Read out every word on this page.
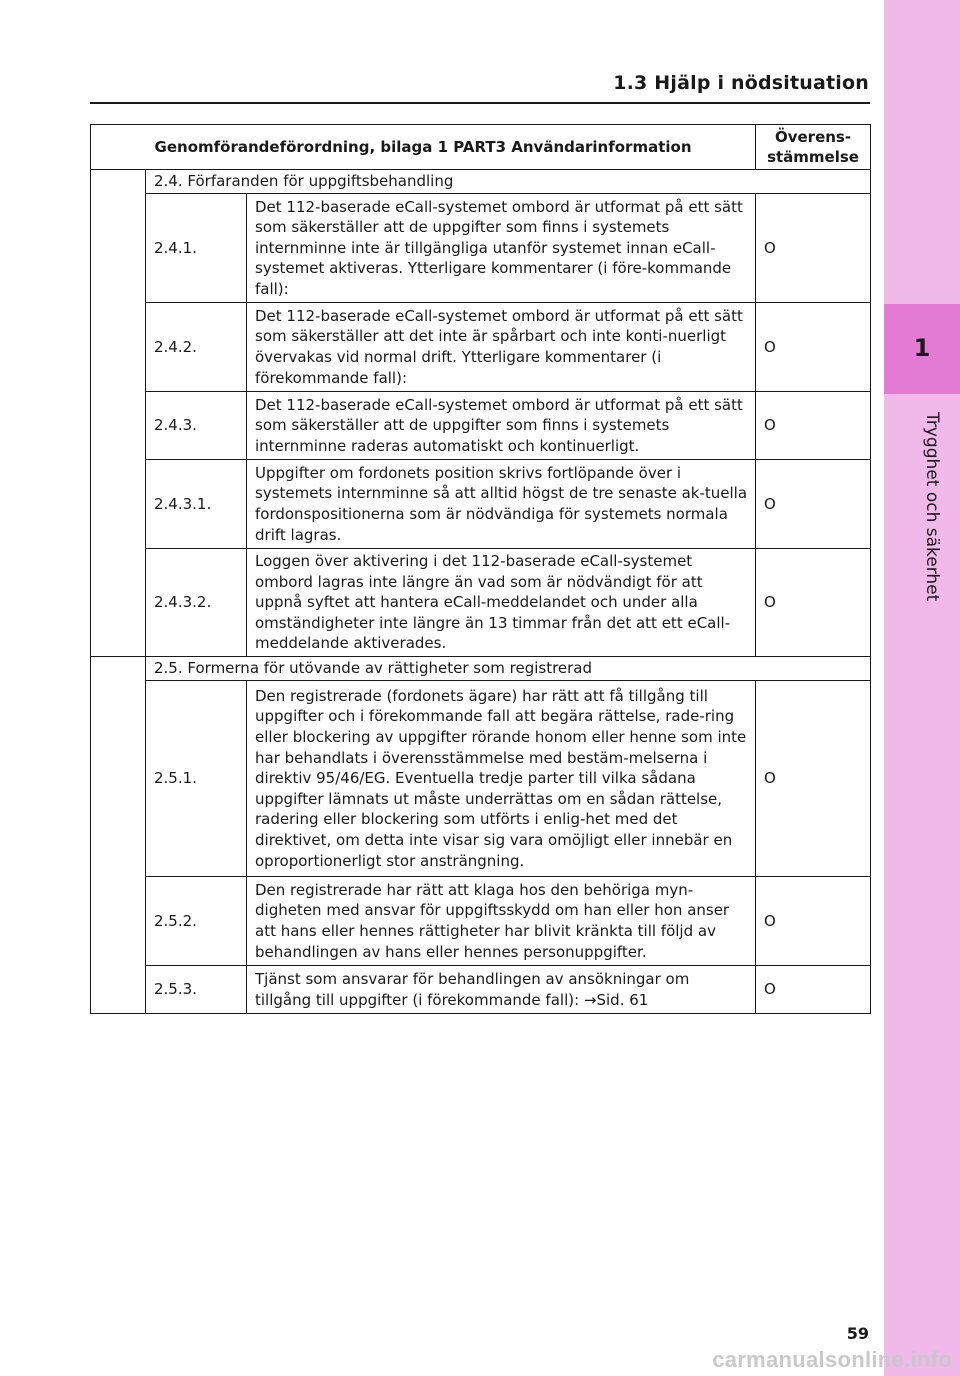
1
Trygghet och säkerhet
1.3 Hjälp i nödsituation
Genomförandeförordning, bilaga 1 PART3 Användarinformation			Överens-
stämmelse
	2.4. Förfaranden för uppgiftsbehandling		
	2.4.1.	Det 112-baserade eCall-systemet ombord är utformat på ett sätt som säkerställer att de uppgifter som finns i systemets internminne inte är tillgängliga utanför systemet innan eCall-systemet aktiveras. Ytterligare kommentarer (i före-kommande fall):	O
	2.4.2.	Det 112-baserade eCall-systemet ombord är utformat på ett sätt som säkerställer att det inte är spårbart och inte konti-nuerligt övervakas vid normal drift. Ytterligare kommentarer (i förekommande fall):	O
	2.4.3.	Det 112-baserade eCall-systemet ombord är utformat på ett sätt som säkerställer att de uppgifter som finns i systemets internminne raderas automatiskt och kontinuerligt.	O
	2.4.3.1.	Uppgifter om fordonets position skrivs fortlöpande över i systemets internminne så att alltid högst de tre senaste ak-tuella fordonspositionerna som är nödvändiga för systemets normala drift lagras.	O
	2.4.3.2.	Loggen över aktivering i det 112-baserade eCall-systemet ombord lagras inte längre än vad som är nödvändigt för att uppnå syftet att hantera eCall-meddelandet och under alla omständigheter inte längre än 13 timmar från det att ett eCall-meddelande aktiverades.	O
	2.5. Formerna för utövande av rättigheter som registrerad		
	2.5.1.	Den registrerade (fordonets ägare) har rätt att få tillgång till uppgifter och i förekommande fall att begära rättelse, rade-ring eller blockering av uppgifter rörande honom eller henne som inte har behandlats i överensstämmelse med bestäm-melserna i direktiv 95/46/EG. Eventuella tredje parter till vilka sådana uppgifter lämnats ut måste underrättas om en sådan rättelse, radering eller blockering som utförts i enlig-het med det direktivet, om detta inte visar sig vara omöjligt eller innebär en oproportionerligt stor ansträngning.	O
	2.5.2.	Den registrerade har rätt att klaga hos den behöriga myn-digheten med ansvar för uppgiftsskydd om han eller hon anser att hans eller hennes rättigheter har blivit kränkta till följd av behandlingen av hans eller hennes personuppgifter.	O
	2.5.3.	Tjänst som ansvarar för behandlingen av ansökningar om tillgång till uppgifter (i förekommande fall): →Sid. 61	O
59
carmanualsonline.info
